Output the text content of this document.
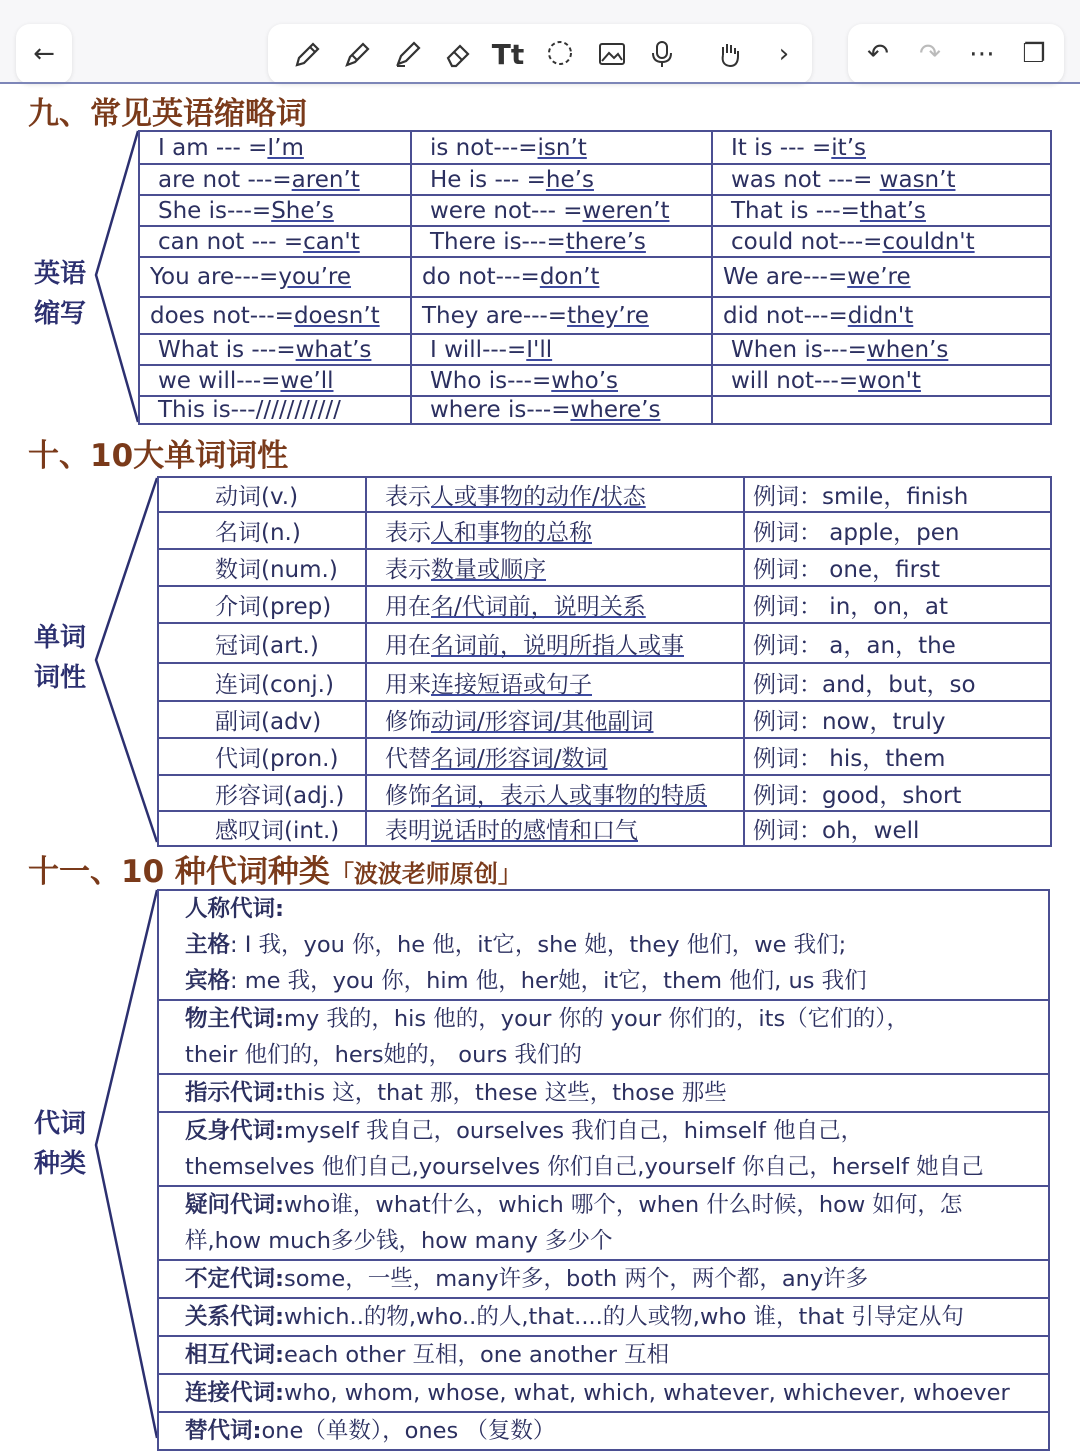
←	Tt	›	↶	↷	⋯	❐
九、常见英语缩略词
英语
缩写
I am --- =I’m	is not---=isn’t	It is --- =it’s
are not ---=aren’t	He is --- =he’s	was not ---= wasn’t
She is---=She’s	were not--- =weren’t	That is ---=that’s
can not --- =can't	There is---=there’s	could not---=couldn't
You are---=you’re	do not---=don’t	We are---=we’re
does not---=doesn’t	They are---=they’re	did not---=didn't
What is ---=what’s	I will---=I'll	When is---=when’s
we will---=we’ll	Who is---=who’s	will not---=won't
This is---///////////	where is---=where’s	
十、10大单词词性
单词
词性
动词(v.)	表示人或事物的动作/状态	例词：smile，finish
名词(n.)	表示人和事物的总称	例词： apple，pen
数词(num.)	表示数量或顺序	例词： one，first
介词(prep)	用在名/代词前，说明关系	例词： in，on，at
冠词(art.)	用在名词前，说明所指人或事	例词： a，an，the
连词(conj.)	用来连接短语或句子	例词：and，but，so
副词(adv)	修饰动词/形容词/其他副词	例词：now，truly
代词(pron.)	代替名词/形容词/数词	例词： his，them
形容词(adj.)	修饰名词，表示人或事物的特质	例词：good，short
感叹词(int.)	表明说话时的感情和口气	例词：oh，well
十一、10 种代词种类「波波老师原创」
代词
种类
人称代词:
主格: I 我，you 你，he 他，it它，she 她，they 他们，we 我们;
宾格: me 我，you 你，him 他，her她，it它，them 他们, us 我们

物主代词:my 我的，his 他的，your 你的 your 你们的，its（它们的），
their 他们的，hers她的， ours 我们的

指示代词:this 这，that 那，these 这些，those 那些

反身代词:myself 我自己，ourselves 我们自己，himself 他自己，
themselves 他们自己,yourselves 你们自己,yourself 你自己，herself 她自己

疑问代词:who谁，what什么，which 哪个，when 什么时候，how 如何，怎
样,how much多少钱，how many 多少个

不定代词:some，一些，many许多，both 两个，两个都，any许多

关系代词:which..的物,who..的人,that....的人或物,who 谁，that 引导定从句

相互代词:each other 互相，one another 互相

连接代词:who, whom, whose, what, which, whatever, whichever, whoever

替代词:one（单数），ones （复数）
